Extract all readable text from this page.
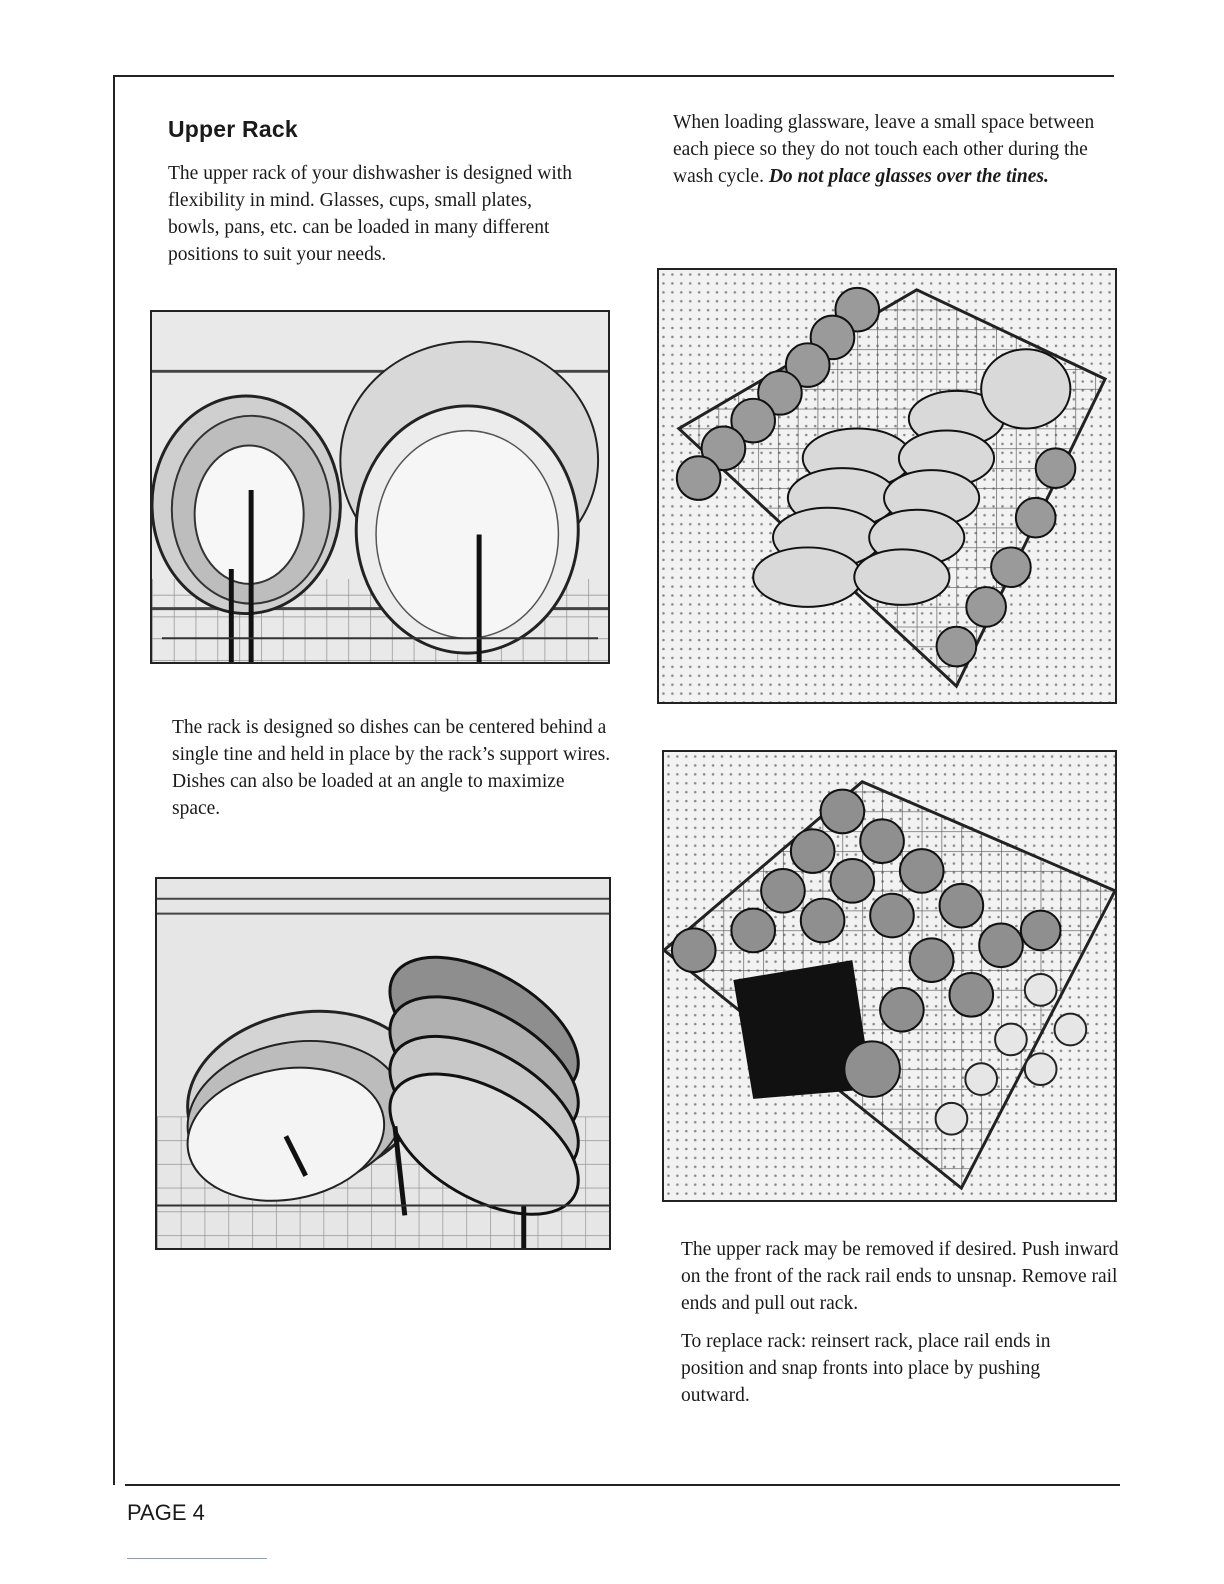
Upper Rack

The upper rack of your dishwasher is designed with flexibility in mind. Glasses, cups, small plates, bowls, pans, etc. can be loaded in many different positions to suit your needs.

When loading glassware, leave a small space between each piece so they do not touch each other during the wash cycle. Do not place glasses over the tines.

The rack is designed so dishes can be centered behind a single tine and held in place by the rack’s support wires. Dishes can also be loaded at an angle to maximize space.

The upper rack may be removed if desired. Push inward on the front of the rack rail ends to unsnap. Remove rail ends and pull out rack.

To replace rack: reinsert rack, place rail ends in position and snap fronts into place by pushing outward.

PAGE 4
